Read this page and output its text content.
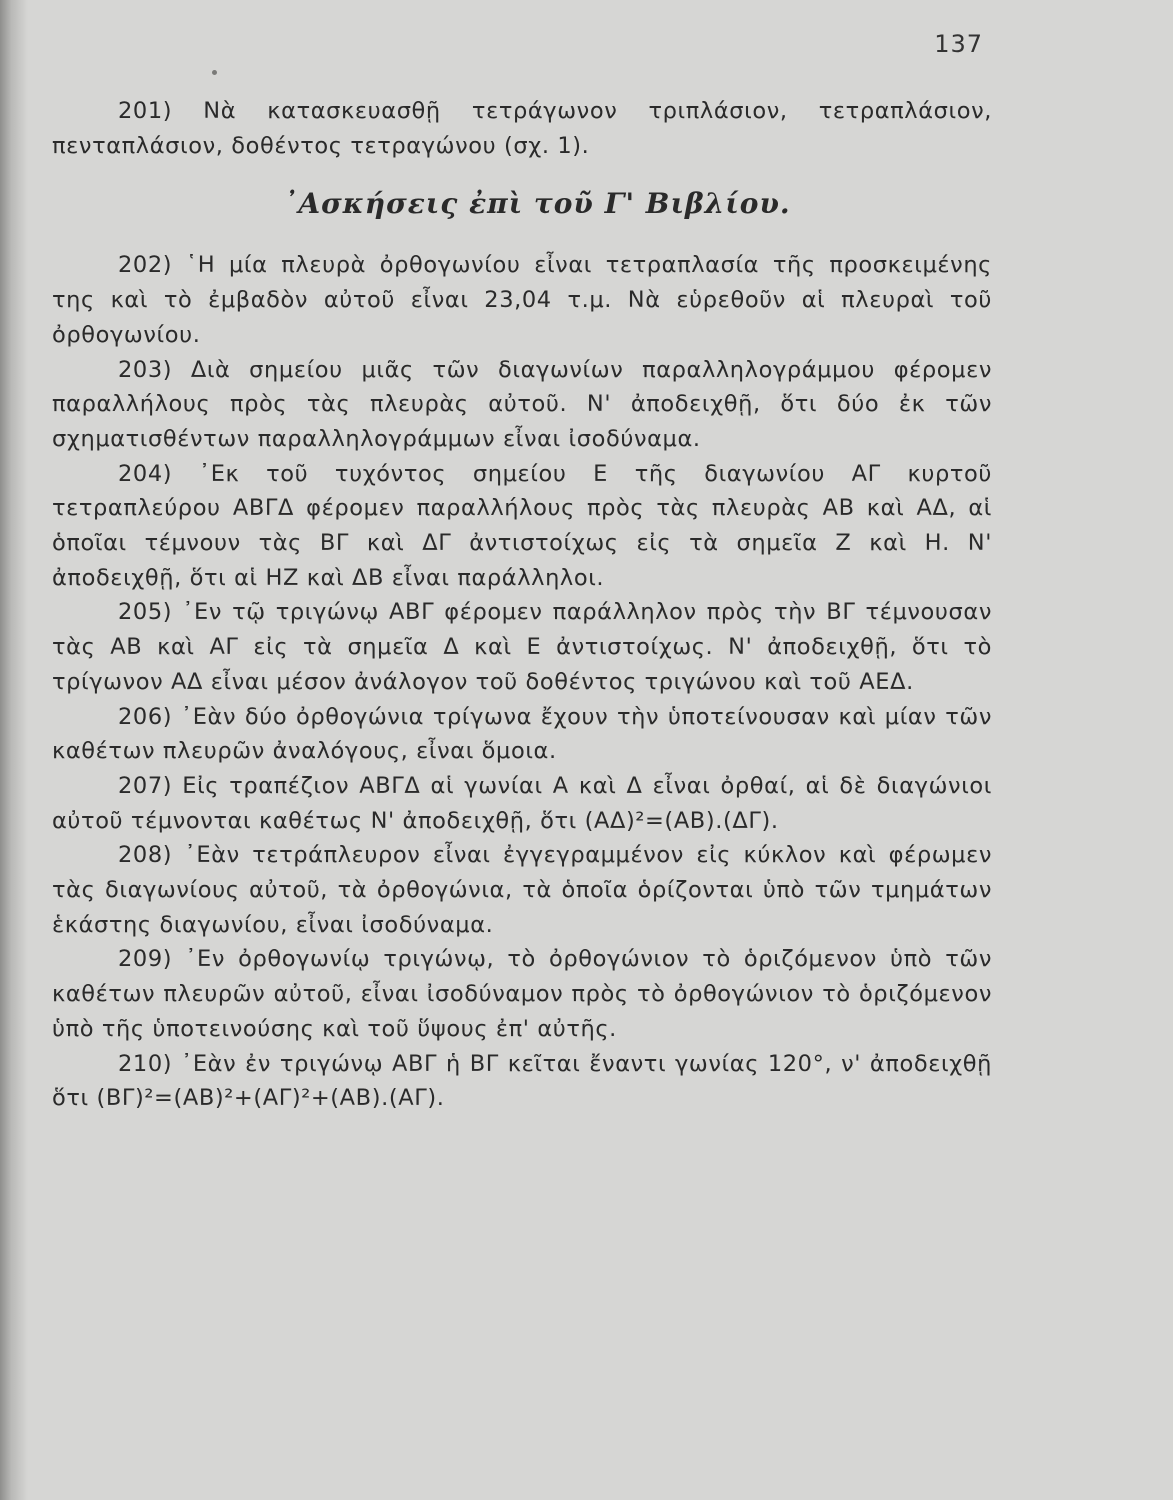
137

201) Νὰ κατασκευασθῇ τετράγωνον τριπλάσιον, τετραπλάσιον, πενταπλάσιον, δοθέντος τετραγώνου (σχ. 1).

᾿Ασκήσεις ἐπὶ τοῦ Γ' Βιβλίου.

202) ῾Η μία πλευρὰ ὀρθογωνίου εἶναι τετραπλασία τῆς προσκειμένης της καὶ τὸ ἐμβαδὸν αὐτοῦ εἶναι 23,04 τ.μ. Νὰ εὑρεθοῦν αἱ πλευραὶ τοῦ ὀρθογωνίου.

203) Διὰ σημείου μιᾶς τῶν διαγωνίων παραλληλογράμμου φέρομεν παραλλήλους πρὸς τὰς πλευρὰς αὐτοῦ. Ν' ἀποδειχθῇ, ὅτι δύο ἐκ τῶν σχηματισθέντων παραλληλογράμμων εἶναι ἰσοδύναμα.

204) ᾿Εκ τοῦ τυχόντος σημείου Ε τῆς διαγωνίου ΑΓ κυρτοῦ τετραπλεύρου ΑΒΓΔ φέρομεν παραλλήλους πρὸς τὰς πλευρὰς ΑΒ καὶ ΑΔ, αἱ ὁποῖαι τέμνουν τὰς ΒΓ καὶ ΔΓ ἀντιστοίχως εἰς τὰ σημεῖα Ζ καὶ Η. Ν' ἀποδειχθῇ, ὅτι αἱ ΗΖ καὶ ΔΒ εἶναι παράλληλοι.

205) ᾿Εν τῷ τριγώνῳ ΑΒΓ φέρομεν παράλληλον πρὸς τὴν ΒΓ τέμνουσαν τὰς ΑΒ καὶ ΑΓ εἰς τὰ σημεῖα Δ καὶ Ε ἀντιστοίχως. Ν' ἀποδειχθῇ, ὅτι τὸ τρίγωνον ΑΔ εἶναι μέσον ἀνάλογον τοῦ δοθέντος τριγώνου καὶ τοῦ ΑΕΔ.

206) ᾿Εὰν δύο ὀρθογώνια τρίγωνα ἔχουν τὴν ὑποτείνουσαν καὶ μίαν τῶν καθέτων πλευρῶν ἀναλόγους, εἶναι ὅμοια.

207) Εἰς τραπέζιον ΑΒΓΔ αἱ γωνίαι Α καὶ Δ εἶναι ὀρθαί, αἱ δὲ διαγώνιοι αὐτοῦ τέμνονται καθέτως Ν' ἀποδειχθῇ, ὅτι (ΑΔ)²=(ΑΒ).(ΔΓ).

208) ᾿Εὰν τετράπλευρον εἶναι ἐγγεγραμμένον εἰς κύκλον καὶ φέρωμεν τὰς διαγωνίους αὐτοῦ, τὰ ὀρθογώνια, τὰ ὁποῖα ὁρίζονται ὑπὸ τῶν τμημάτων ἑκάστης διαγωνίου, εἶναι ἰσοδύναμα.

209) ᾿Εν ὀρθογωνίῳ τριγώνῳ, τὸ ὀρθογώνιον τὸ ὁριζόμενον ὑπὸ τῶν καθέτων πλευρῶν αὐτοῦ, εἶναι ἰσοδύναμον πρὸς τὸ ὀρθογώνιον τὸ ὁριζόμενον ὑπὸ τῆς ὑποτεινούσης καὶ τοῦ ὕψους ἐπ' αὐτῆς.

210) ᾿Εὰν ἐν τριγώνῳ ΑΒΓ ἡ ΒΓ κεῖται ἔναντι γωνίας 120°, ν' ἀποδειχθῇ ὅτι (ΒΓ)²=(ΑΒ)²+(ΑΓ)²+(ΑΒ).(ΑΓ).
